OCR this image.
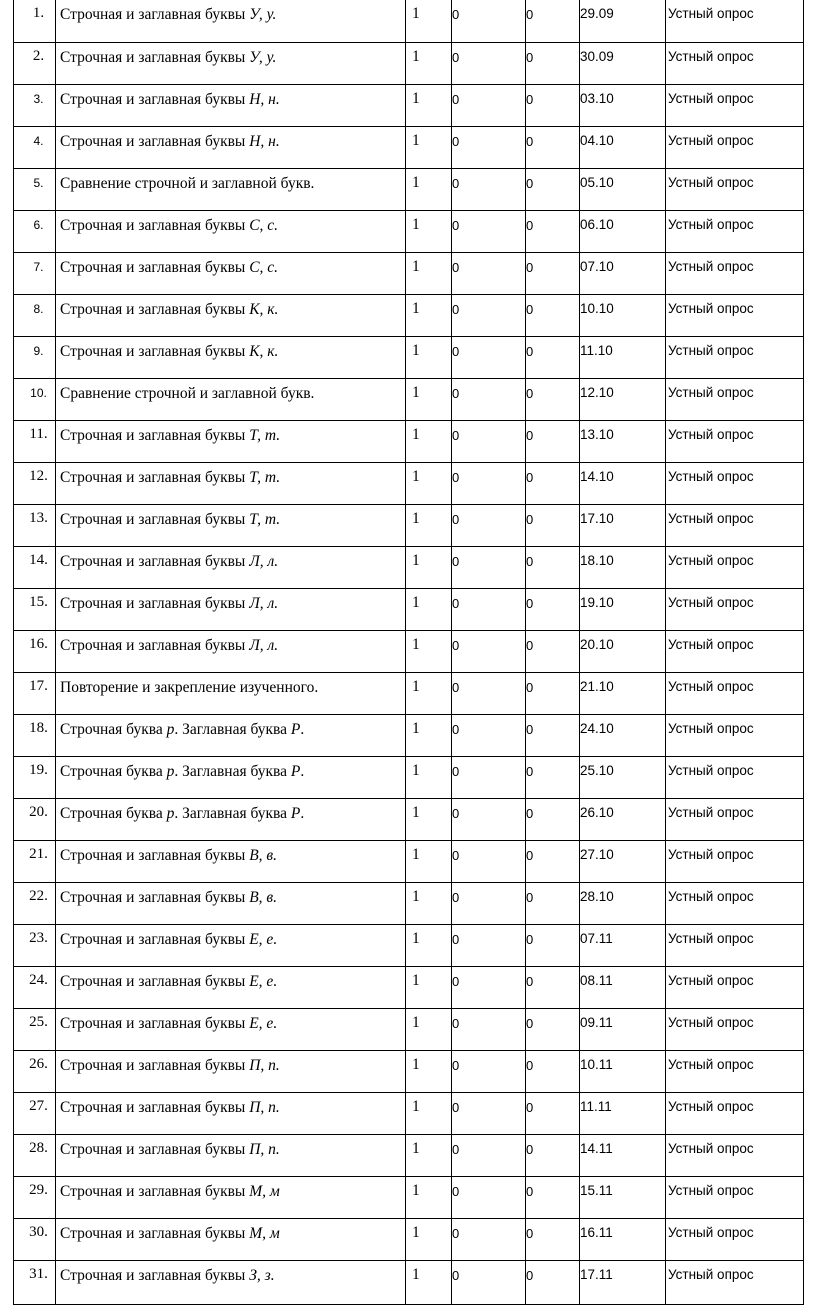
1.	Строчная и заглавная буквы У, у.	1	0	0	29.09	Устный опрос
2.	Строчная и заглавная буквы У, у.	1	0	0	30.09	Устный опрос
3.	Строчная и заглавная буквы Н, н.	1	0	0	03.10	Устный опрос
4.	Строчная и заглавная буквы Н, н.	1	0	0	04.10	Устный опрос
5.	Сравнение строчной и заглавной букв.	1	0	0	05.10	Устный опрос
6.	Строчная и заглавная буквы С, с.	1	0	0	06.10	Устный опрос
7.	Строчная и заглавная буквы С, с.	1	0	0	07.10	Устный опрос
8.	Строчная и заглавная буквы К, к.	1	0	0	10.10	Устный опрос
9.	Строчная и заглавная буквы К, к.	1	0	0	11.10	Устный опрос
10.	Сравнение строчной и заглавной букв.	1	0	0	12.10	Устный опрос
11.	Строчная и заглавная буквы Т, т.	1	0	0	13.10	Устный опрос
12.	Строчная и заглавная буквы Т, т.	1	0	0	14.10	Устный опрос
13.	Строчная и заглавная буквы Т, т.	1	0	0	17.10	Устный опрос
14.	Строчная и заглавная буквы Л, л.	1	0	0	18.10	Устный опрос
15.	Строчная и заглавная буквы Л, л.	1	0	0	19.10	Устный опрос
16.	Строчная и заглавная буквы Л, л.	1	0	0	20.10	Устный опрос
17.	Повторение и закрепление изученного.	1	0	0	21.10	Устный опрос
18.	Строчная буква р. Заглавная буква Р.	1	0	0	24.10	Устный опрос
19.	Строчная буква р. Заглавная буква Р.	1	0	0	25.10	Устный опрос
20.	Строчная буква р. Заглавная буква Р.	1	0	0	26.10	Устный опрос
21.	Строчная и заглавная буквы В, в.	1	0	0	27.10	Устный опрос
22.	Строчная и заглавная буквы В, в.	1	0	0	28.10	Устный опрос
23.	Строчная и заглавная буквы Е, е.	1	0	0	07.11	Устный опрос
24.	Строчная и заглавная буквы Е, е.	1	0	0	08.11	Устный опрос
25.	Строчная и заглавная буквы Е, е.	1	0	0	09.11	Устный опрос
26.	Строчная и заглавная буквы П, п.	1	0	0	10.11	Устный опрос
27.	Строчная и заглавная буквы П, п.	1	0	0	11.11	Устный опрос
28.	Строчная и заглавная буквы П, п.	1	0	0	14.11	Устный опрос
29.	Строчная и заглавная буквы М, м	1	0	0	15.11	Устный опрос
30.	Строчная и заглавная буквы М, м	1	0	0	16.11	Устный опрос
31.	Строчная и заглавная буквы З, з.	1	0	0	17.11	Устный опрос
